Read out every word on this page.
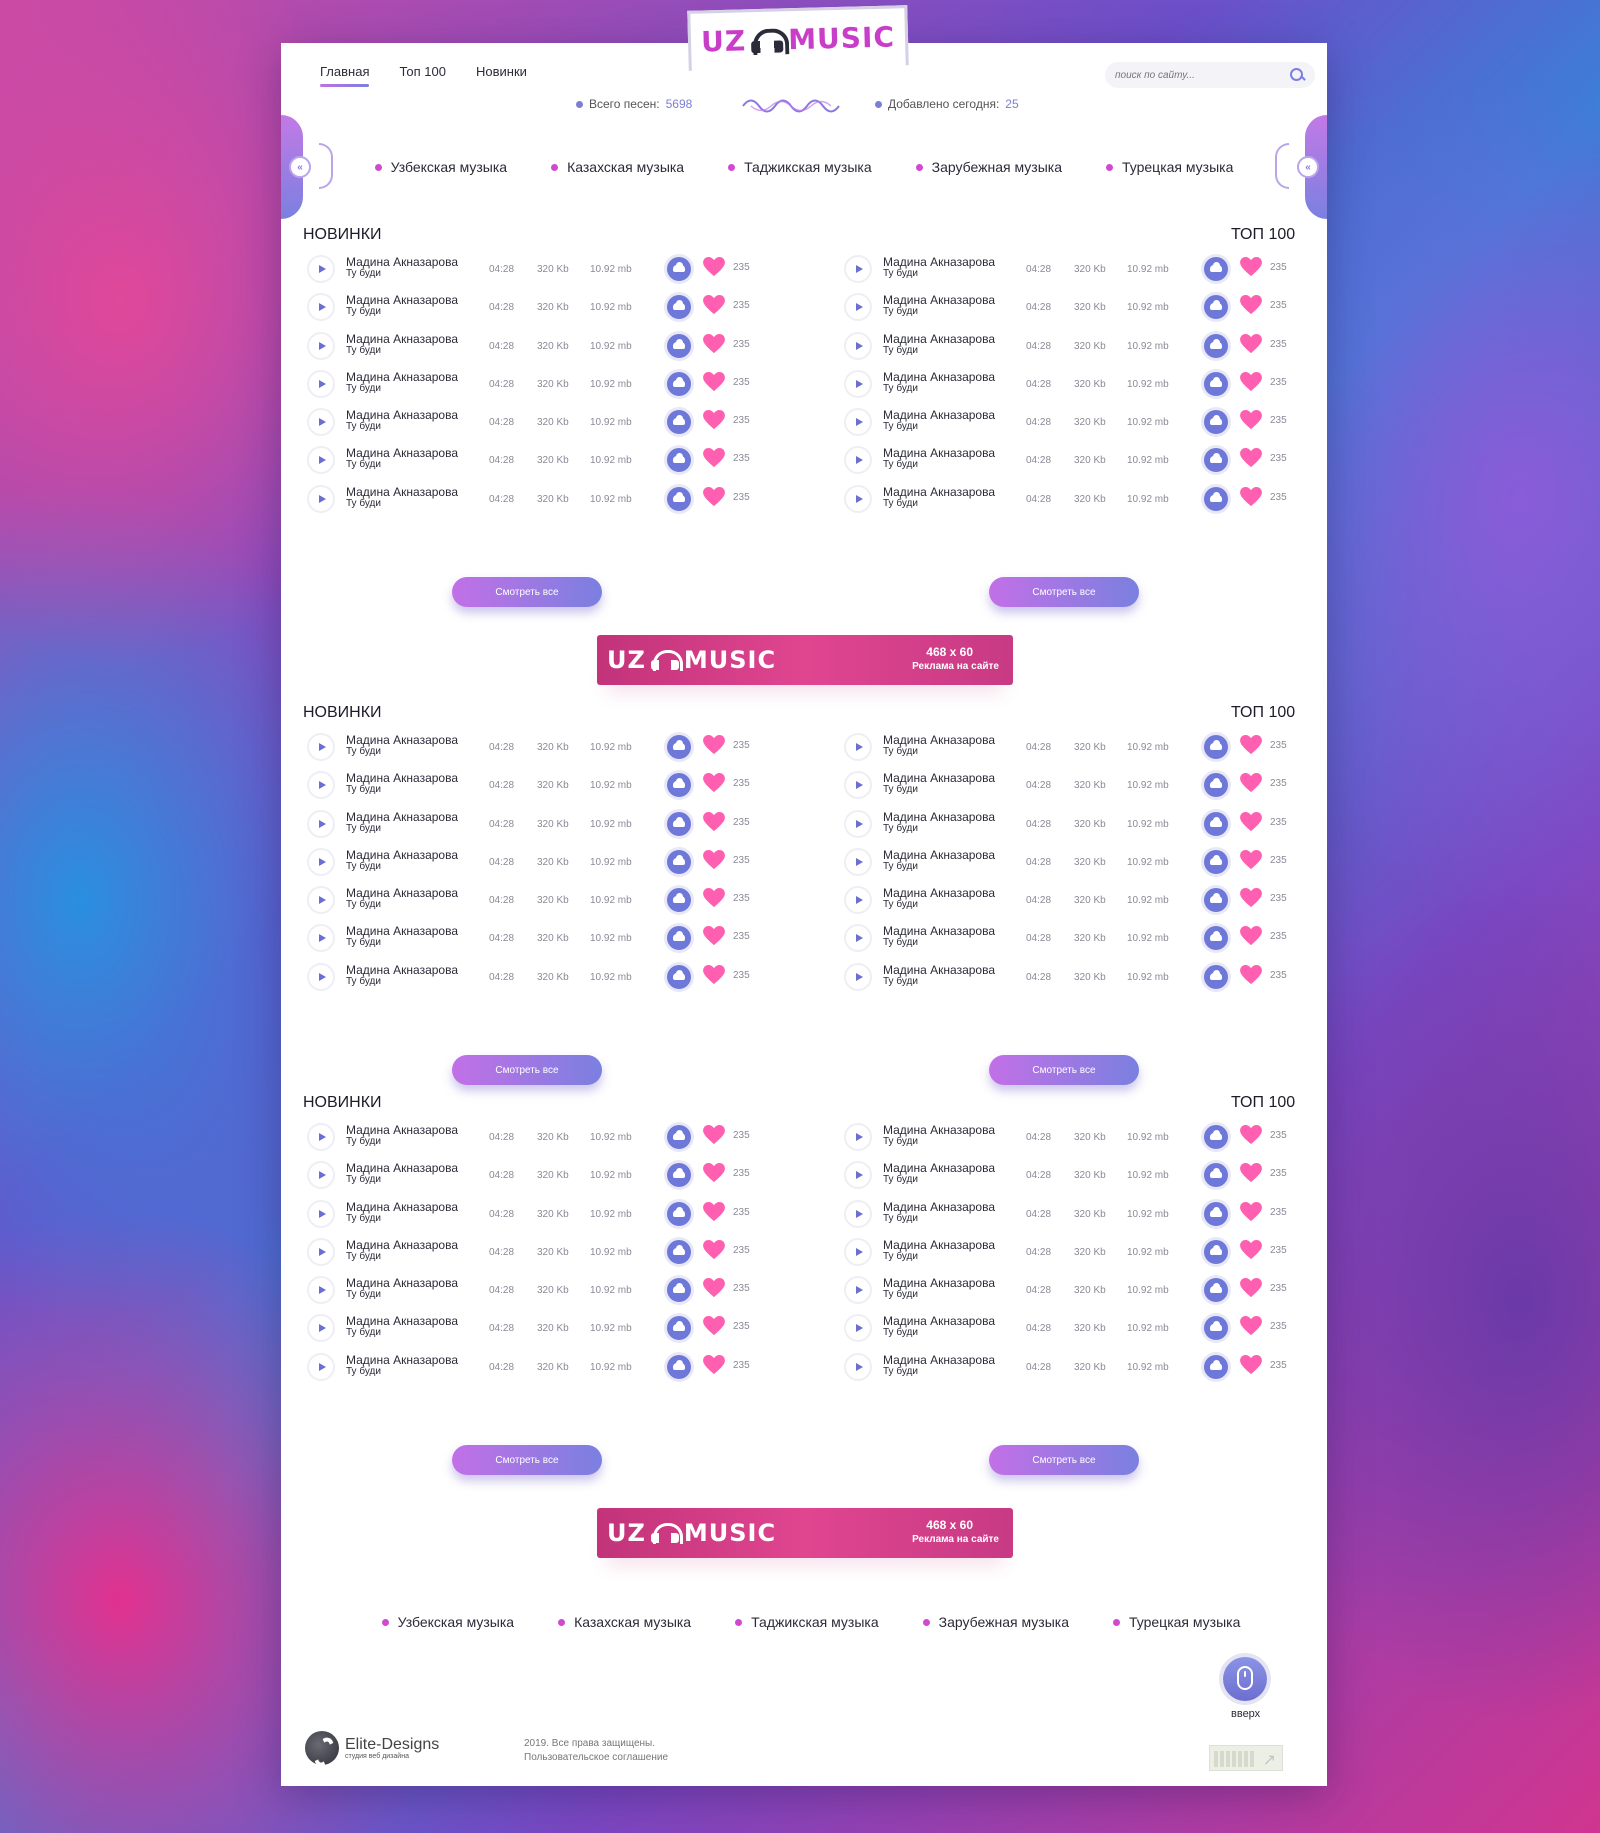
UZ MUSIC
Главная Топ 100 Новинки
поиск по сайту...
Всего песен: 5698	Добавлено сегодня: 25
«	«
Узбекская музыка	Казахская музыка	Таджикская музыка	Зарубежная музыка	Турецкая музыка
НОВИНКИ	ТОП 100
Мадина Акназарова
Ту буди	04:28 320 Kb 10.92 mb	235
Мадина Акназарова
Ту буди	04:28 320 Kb 10.92 mb	235
Мадина Акназарова
Ту буди	04:28 320 Kb 10.92 mb	235
Мадина Акназарова
Ту буди	04:28 320 Kb 10.92 mb	235
Мадина Акназарова
Ту буди	04:28 320 Kb 10.92 mb	235
Мадина Акназарова
Ту буди	04:28 320 Kb 10.92 mb	235
Мадина Акназарова
Ту буди	04:28 320 Kb 10.92 mb	235
Смотреть все
Мадина Акназарова
Ту буди	04:28 320 Kb 10.92 mb	235
Мадина Акназарова
Ту буди	04:28 320 Kb 10.92 mb	235
Мадина Акназарова
Ту буди	04:28 320 Kb 10.92 mb	235
Мадина Акназарова
Ту буди	04:28 320 Kb 10.92 mb	235
Мадина Акназарова
Ту буди	04:28 320 Kb 10.92 mb	235
Мадина Акназарова
Ту буди	04:28 320 Kb 10.92 mb	235
Мадина Акназарова
Ту буди	04:28 320 Kb 10.92 mb	235
Смотреть все
НОВИНКИ	ТОП 100
Мадина Акназарова
Ту буди	04:28 320 Kb 10.92 mb	235
Мадина Акназарова
Ту буди	04:28 320 Kb 10.92 mb	235
Мадина Акназарова
Ту буди	04:28 320 Kb 10.92 mb	235
Мадина Акназарова
Ту буди	04:28 320 Kb 10.92 mb	235
Мадина Акназарова
Ту буди	04:28 320 Kb 10.92 mb	235
Мадина Акназарова
Ту буди	04:28 320 Kb 10.92 mb	235
Мадина Акназарова
Ту буди	04:28 320 Kb 10.92 mb	235
Смотреть все
Мадина Акназарова
Ту буди	04:28 320 Kb 10.92 mb	235
Мадина Акназарова
Ту буди	04:28 320 Kb 10.92 mb	235
Мадина Акназарова
Ту буди	04:28 320 Kb 10.92 mb	235
Мадина Акназарова
Ту буди	04:28 320 Kb 10.92 mb	235
Мадина Акназарова
Ту буди	04:28 320 Kb 10.92 mb	235
Мадина Акназарова
Ту буди	04:28 320 Kb 10.92 mb	235
Мадина Акназарова
Ту буди	04:28 320 Kb 10.92 mb	235
Смотреть все
НОВИНКИ	ТОП 100
Мадина Акназарова
Ту буди	04:28 320 Kb 10.92 mb	235
Мадина Акназарова
Ту буди	04:28 320 Kb 10.92 mb	235
Мадина Акназарова
Ту буди	04:28 320 Kb 10.92 mb	235
Мадина Акназарова
Ту буди	04:28 320 Kb 10.92 mb	235
Мадина Акназарова
Ту буди	04:28 320 Kb 10.92 mb	235
Мадина Акназарова
Ту буди	04:28 320 Kb 10.92 mb	235
Мадина Акназарова
Ту буди	04:28 320 Kb 10.92 mb	235
Смотреть все
Мадина Акназарова
Ту буди	04:28 320 Kb 10.92 mb	235
Мадина Акназарова
Ту буди	04:28 320 Kb 10.92 mb	235
Мадина Акназарова
Ту буди	04:28 320 Kb 10.92 mb	235
Мадина Акназарова
Ту буди	04:28 320 Kb 10.92 mb	235
Мадина Акназарова
Ту буди	04:28 320 Kb 10.92 mb	235
Мадина Акназарова
Ту буди	04:28 320 Kb 10.92 mb	235
Мадина Акназарова
Ту буди	04:28 320 Kb 10.92 mb	235
Смотреть все
UZ MUSIC	468 x 60
Реклама на сайте
UZ MUSIC	468 x 60
Реклама на сайте
Узбекская музыка	Казахская музыка	Таджикская музыка	Зарубежная музыка	Турецкая музыка
вверх
Elite-Designs
студия веб дизайна
2019. Все права защищены.
Пользовательское соглашение	↗
